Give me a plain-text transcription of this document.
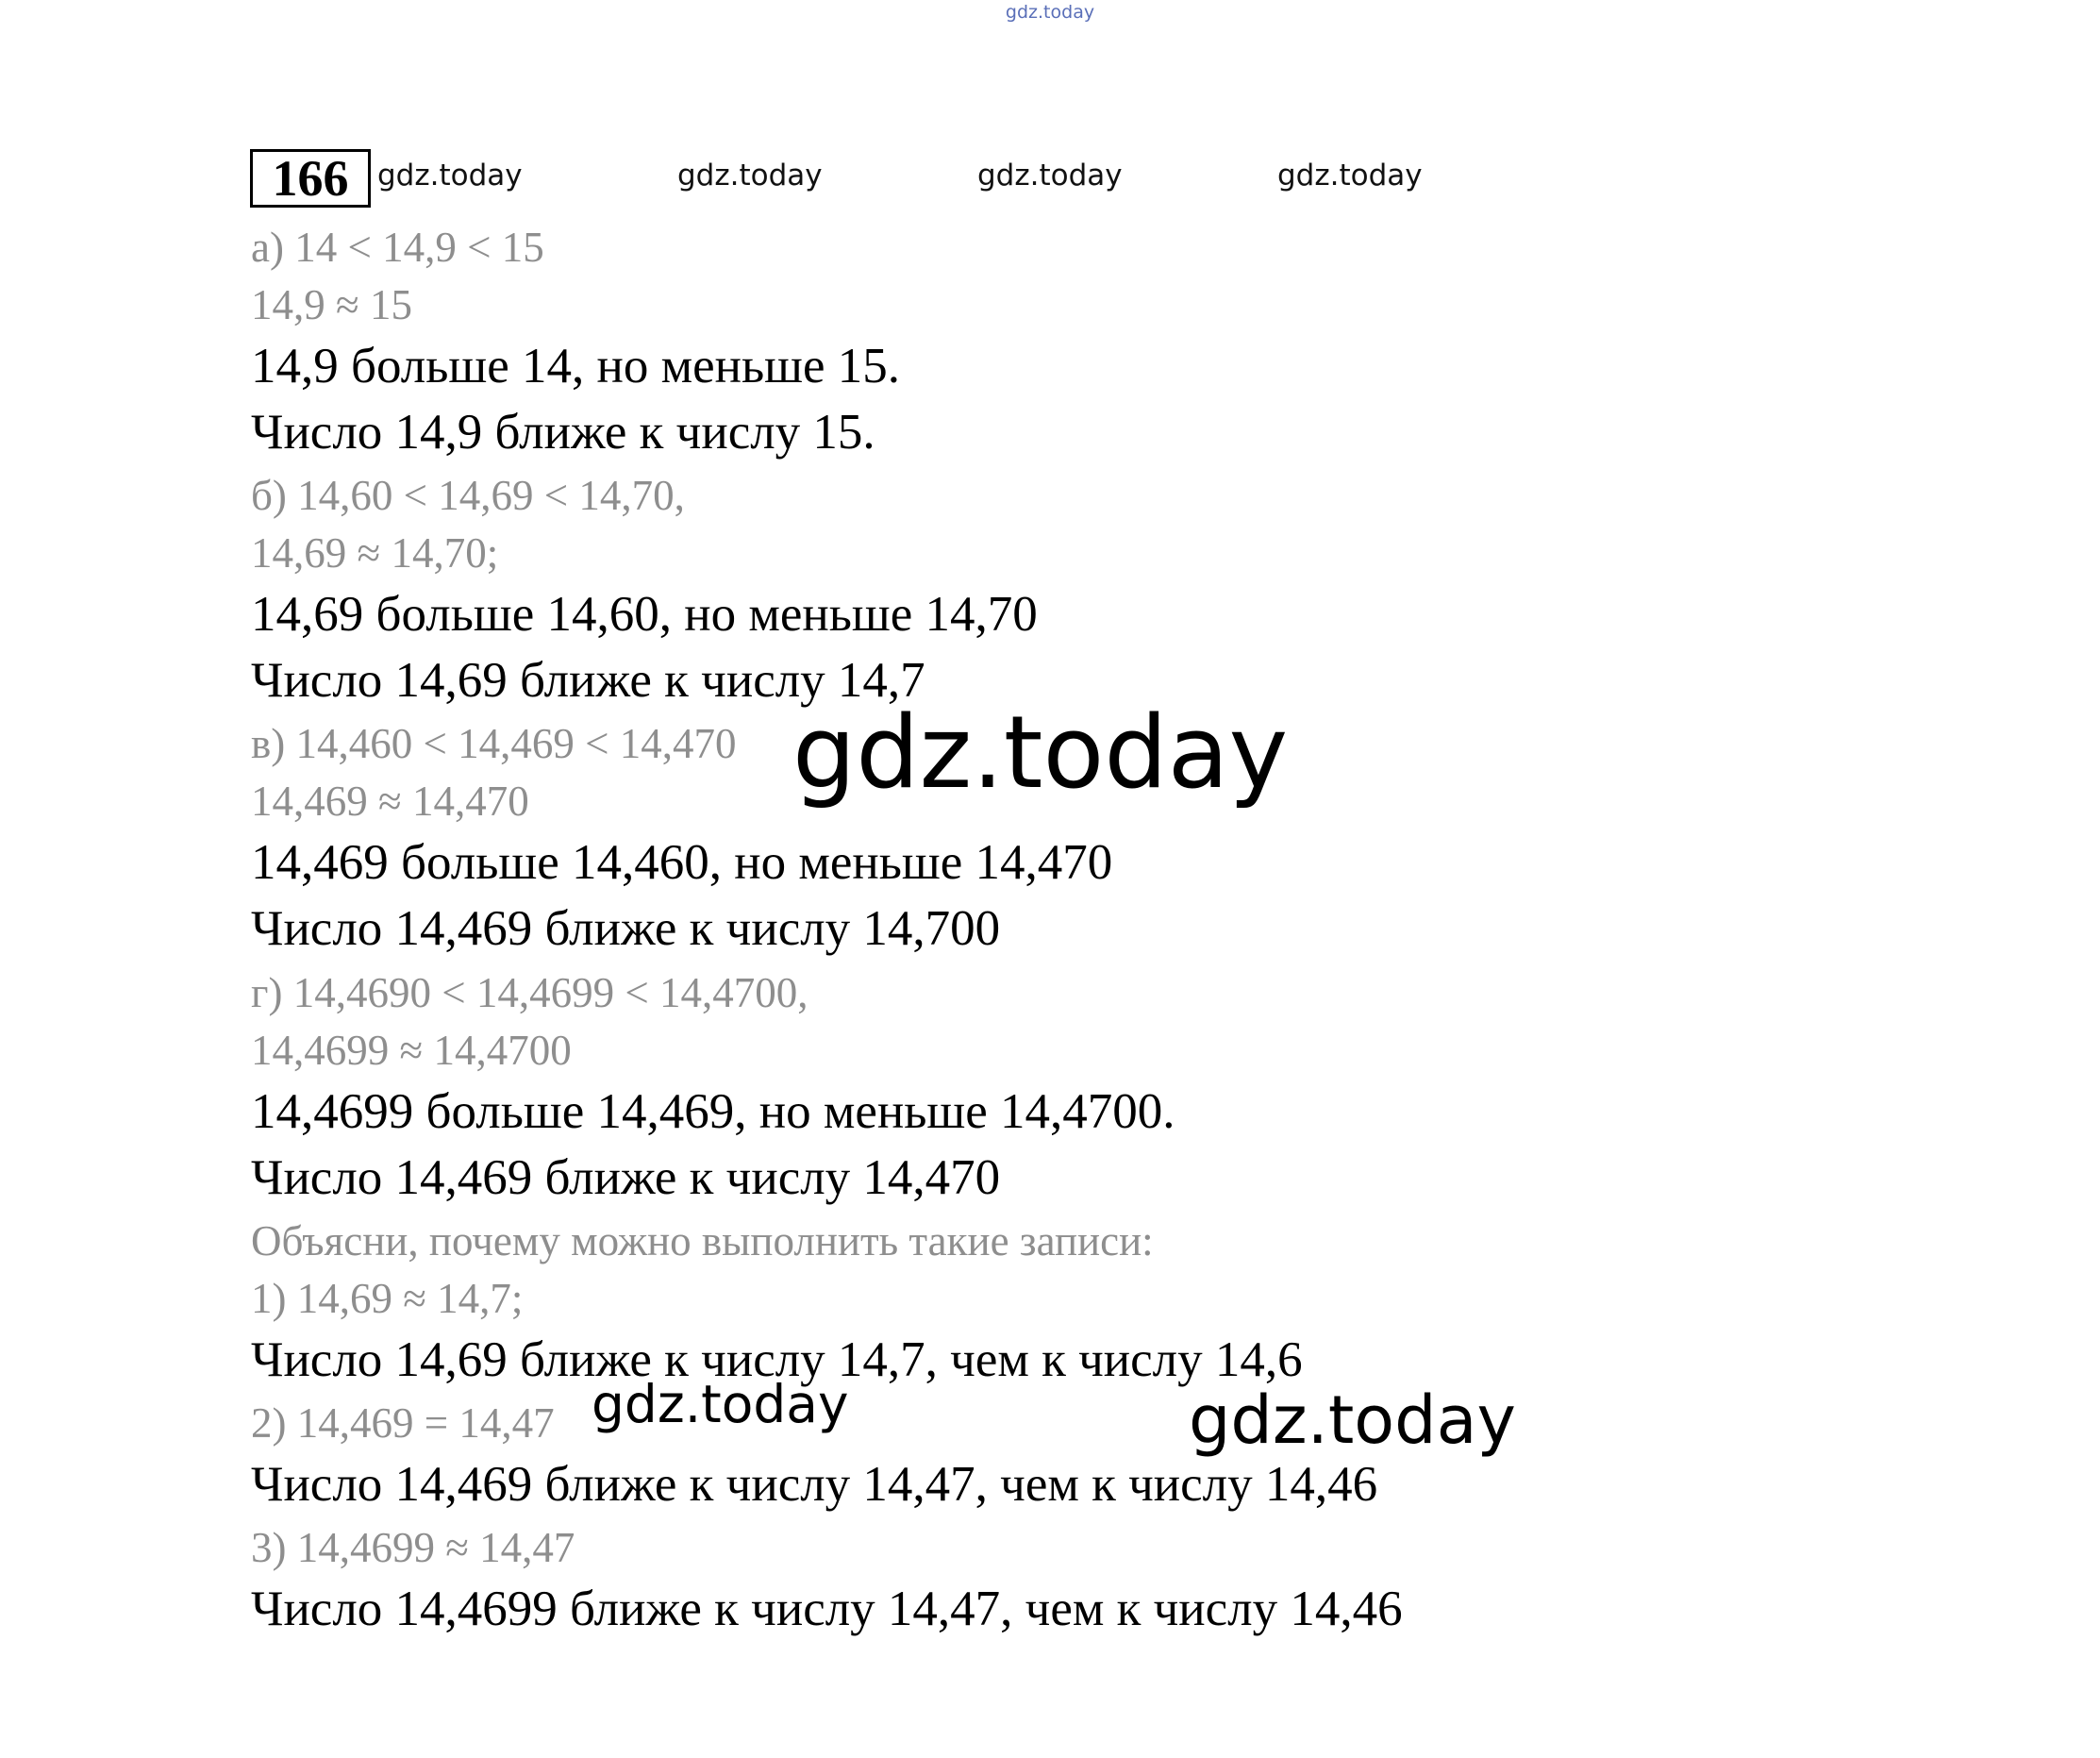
gdz.today
166 gdz.today	gdz.today	gdz.today	gdz.today
а) 14 < 14,9 < 15
14,9 ≈ 15
14,9 больше 14, но меньше 15.
Число 14,9 ближе к числу 15.
б) 14,60 < 14,69 < 14,70,
14,69 ≈ 14,70;
14,69 больше 14,60, но меньше 14,70
Число 14,69 ближе к числу 14,7
в) 14,460 < 14,469 < 14,470
14,469 ≈ 14,470
14,469 больше 14,460, но меньше 14,470
Число 14,469 ближе к числу 14,700
г) 14,4690 < 14,4699 < 14,4700,
14,4699 ≈ 14,4700
14,4699 больше 14,469, но меньше 14,4700.
Число 14,469 ближе к числу 14,470
Объясни, почему можно выполнить такие записи:
1) 14,69 ≈ 14,7;
Число 14,69 ближе к числу 14,7, чем к числу 14,6
2) 14,469 = 14,47
Число 14,469 ближе к числу 14,47, чем к числу 14,46
3) 14,4699 ≈ 14,47
Число 14,4699 ближе к числу 14,47, чем к числу 14,46
gdz.today
gdz.today	gdz.today
